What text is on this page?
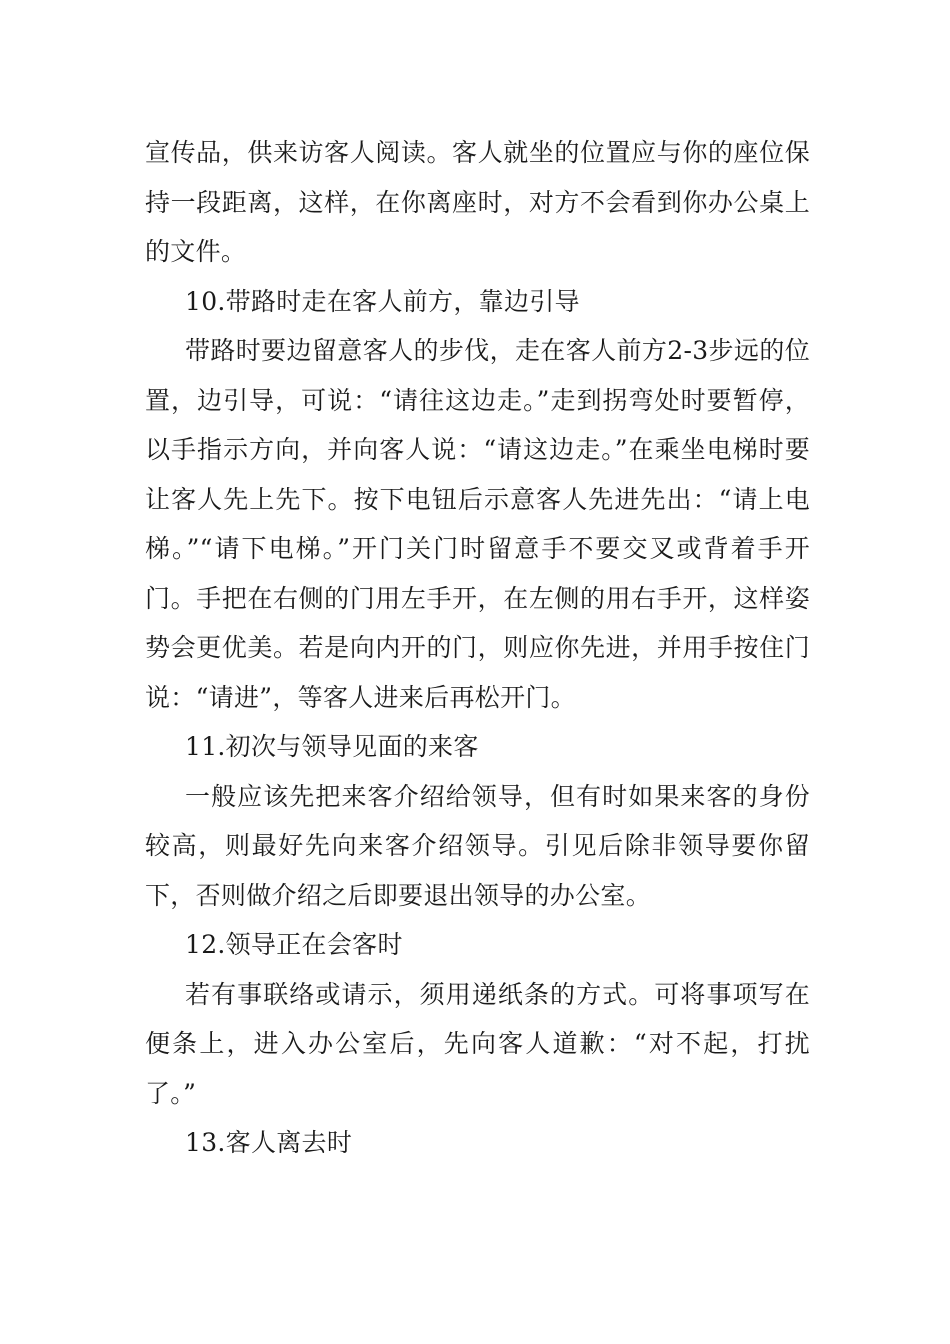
宣传品，供来访客人阅读。客人就坐的位置应与你的座位保持一段距离，这样，在你离座时，对方不会看到你办公桌上的文件。

10.带路时走在客人前方，靠边引导

带路时要边留意客人的步伐，走在客人前方2-3步远的位置，边引导，可说：“请往这边走。”走到拐弯处时要暂停，以手指示方向，并向客人说：“请这边走。”在乘坐电梯时要让客人先上先下。按下电钮后示意客人先进先出：“请上电梯。”“请下电梯。”开门关门时留意手不要交叉或背着手开门。手把在右侧的门用左手开，在左侧的用右手开，这样姿势会更优美。若是向内开的门，则应你先进，并用手按住门说：“请进”，等客人进来后再松开门。

11.初次与领导见面的来客

一般应该先把来客介绍给领导，但有时如果来客的身份较高，则最好先向来客介绍领导。引见后除非领导要你留下，否则做介绍之后即要退出领导的办公室。

12.领导正在会客时

若有事联络或请示，须用递纸条的方式。可将事项写在便条上，进入办公室后，先向客人道歉：“对不起，打扰了。”

13.客人离去时
